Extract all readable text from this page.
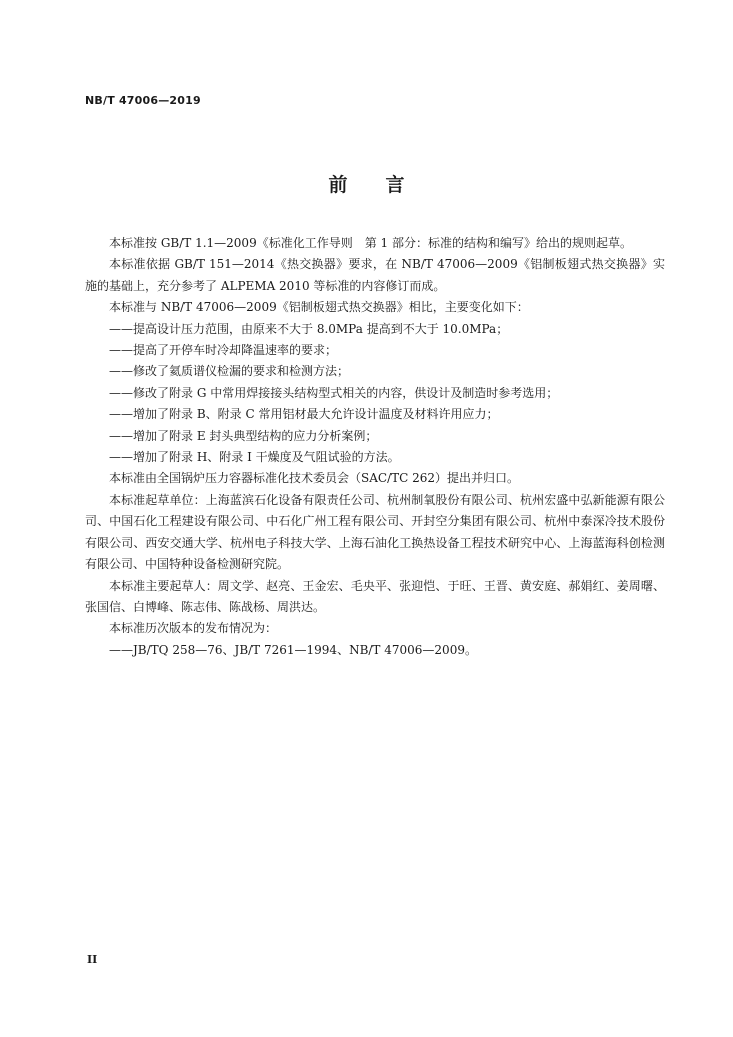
NB/T 47006—2019
前　　言

本标准按 GB/T 1.1—2009《标准化工作导则　第 1 部分：标准的结构和编写》给出的规则起草。

本标准依据 GB/T 151—2014《热交换器》要求，在 NB/T 47006—2009《铝制板翅式热交换器》实施的基础上，充分参考了 ALPEMA 2010 等标准的内容修订而成。

本标准与 NB/T 47006—2009《铝制板翅式热交换器》相比，主要变化如下：

——提高设计压力范围，由原来不大于 8.0MPa 提高到不大于 10.0MPa；

——提高了开停车时冷却降温速率的要求；

——修改了氦质谱仪检漏的要求和检测方法；

——修改了附录 G 中常用焊接接头结构型式相关的内容，供设计及制造时参考选用；

——增加了附录 B、附录 C 常用铝材最大允许设计温度及材料许用应力；

——增加了附录 E 封头典型结构的应力分析案例；

——增加了附录 H、附录 I 干燥度及气阻试验的方法。

本标准由全国锅炉压力容器标准化技术委员会（SAC/TC 262）提出并归口。

本标准起草单位：上海蓝滨石化设备有限责任公司、杭州制氧股份有限公司、杭州宏盛中弘新能源有限公司、中国石化工程建设有限公司、中石化广州工程有限公司、开封空分集团有限公司、杭州中泰深冷技术股份有限公司、西安交通大学、杭州电子科技大学、上海石油化工换热设备工程技术研究中心、上海蓝海科创检测有限公司、中国特种设备检测研究院。

本标准主要起草人：周文学、赵亮、王金宏、毛央平、张迎恺、于旺、王晋、黄安庭、郝娟红、姜周曙、张国信、白博峰、陈志伟、陈战杨、周洪达。

本标准历次版本的发布情况为：

——JB/TQ 258—76、JB/T 7261—1994、NB/T 47006—2009。

II
